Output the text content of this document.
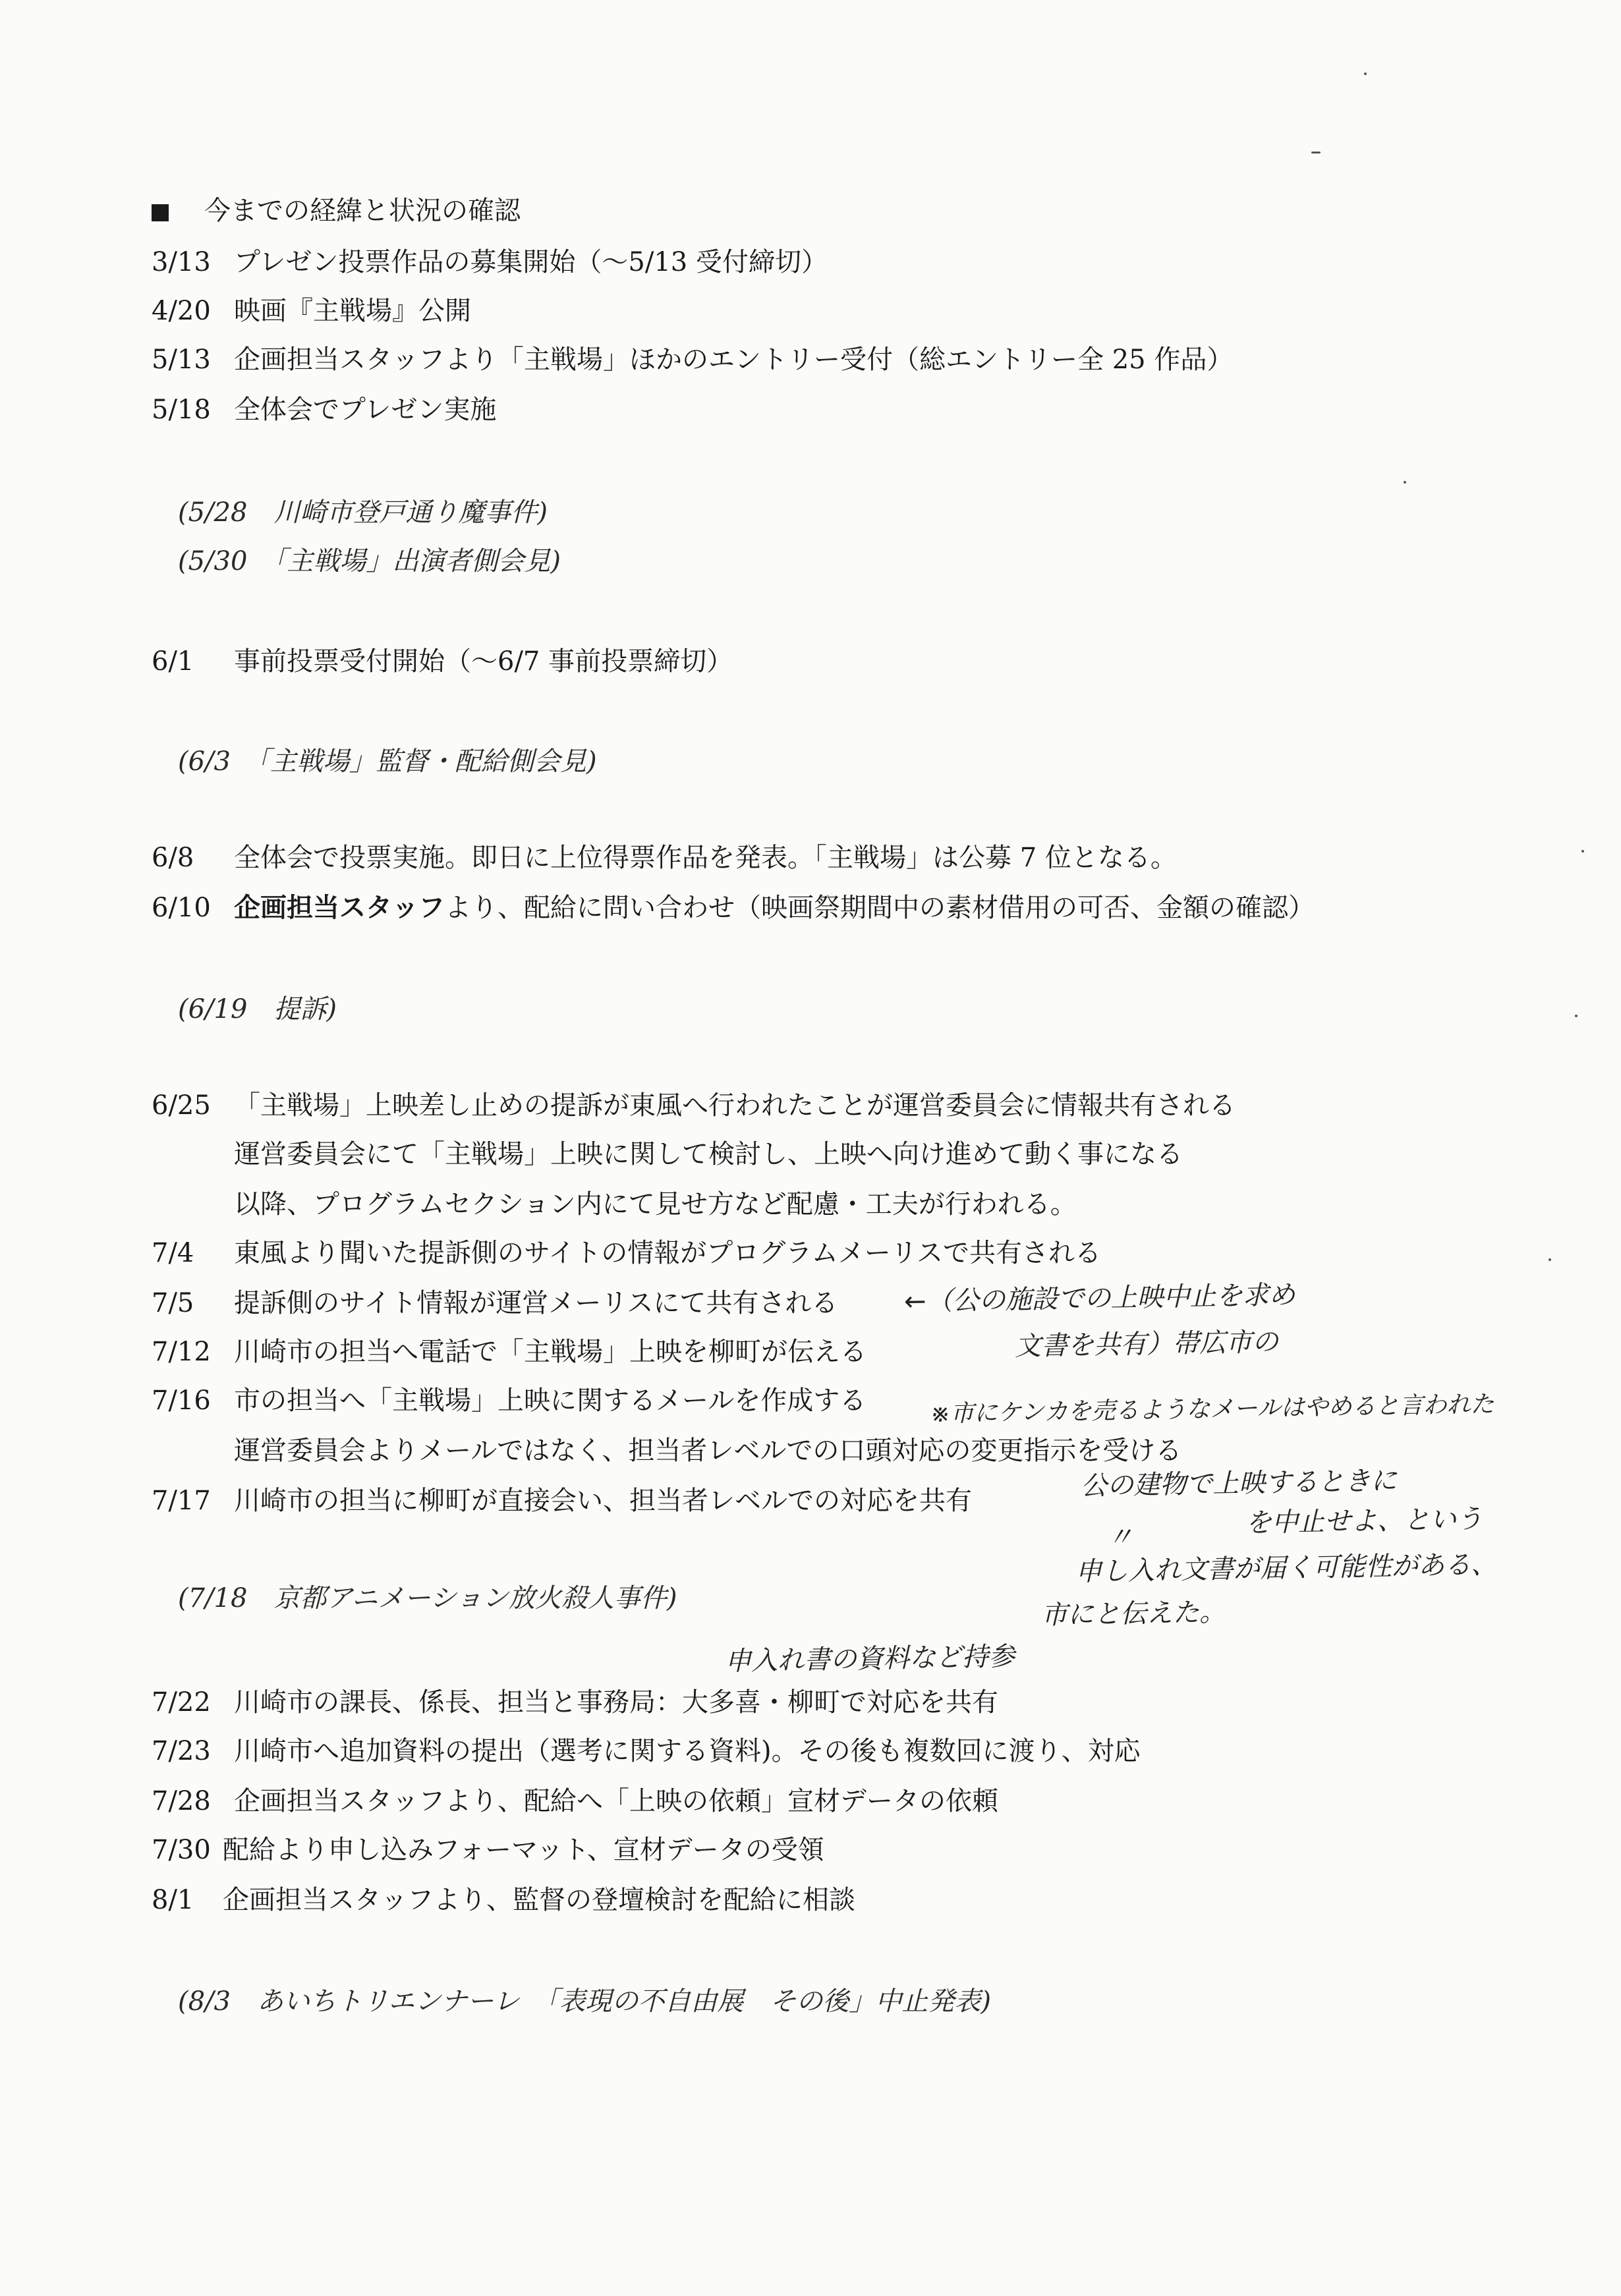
今までの経緯と状況の確認
3/13 プレゼン投票作品の募集開始（～5/13 受付締切）
4/20 映画『主戦場』公開
5/13 企画担当スタッフより「主戦場」ほかのエントリー受付（総エントリー全 25 作品）
5/18 全体会でプレゼン実施
(5/28　川崎市登戸通り魔事件)
(5/30　「主戦場」出演者側会見)
6/1 事前投票受付開始（～6/7 事前投票締切）
(6/3　「主戦場」監督・配給側会見)
6/8 全体会で投票実施。即日に上位得票作品を発表。「主戦場」は公募 7 位となる。
6/10 企画担当スタッフより、配給に問い合わせ（映画祭期間中の素材借用の可否、金額の確認）
(6/19　提訴)
6/25 「主戦場」上映差し止めの提訴が東風へ行われたことが運営委員会に情報共有される
運営委員会にて「主戦場」上映に関して検討し、上映へ向け進めて動く事になる
以降、プログラムセクション内にて見せ方など配慮・工夫が行われる。
7/4 東風より聞いた提訴側のサイトの情報がプログラムメーリスで共有される
7/5 提訴側のサイト情報が運営メーリスにて共有される
7/12 川崎市の担当へ電話で「主戦場」上映を柳町が伝える
7/16 市の担当へ「主戦場」上映に関するメールを作成する
運営委員会よりメールではなく、担当者レベルでの口頭対応の変更指示を受ける
7/17 川崎市の担当に柳町が直接会い、担当者レベルでの対応を共有
(7/18　京都アニメーション放火殺人事件)
7/22 川崎市の課長、係長、担当と事務局：大多喜・柳町で対応を共有
7/23 川崎市へ追加資料の提出（選考に関する資料)。その後も複数回に渡り、対応
7/28 企画担当スタッフより、配給へ「上映の依頼」宣材データの依頼
7/30 配給より申し込みフォーマット、宣材データの受領
8/1 企画担当スタッフより、監督の登壇検討を配給に相談
(8/3　あいちトリエンナーレ　「表現の不自由展　その後」中止発表)
←（公の施設での上映中止を求め
文書を共有）帯広市の
※市にケンカを売るようなメールはやめると言われた
公の建物で上映するときに
を中止せよ、という
〃
申し入れ文書が届く可能性がある、
市にと伝えた。
申入れ書の資料など持参
